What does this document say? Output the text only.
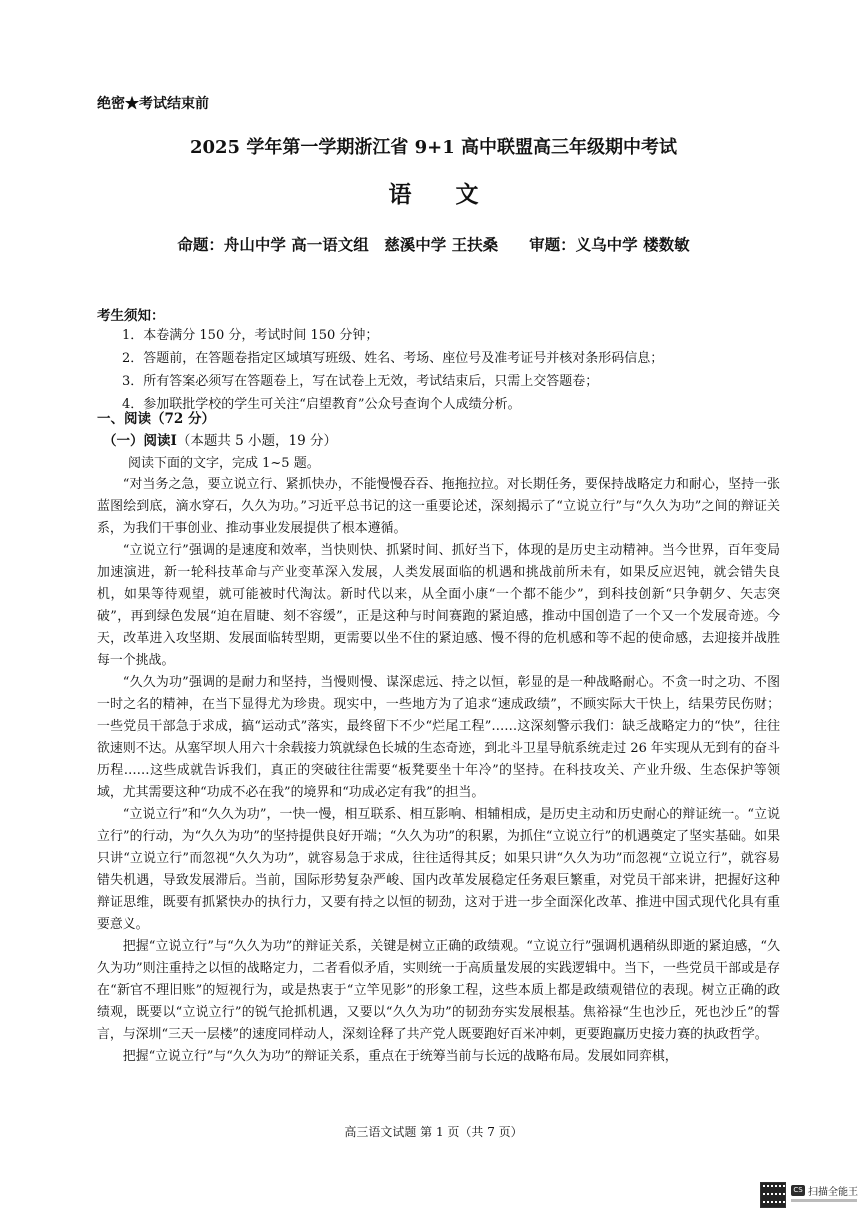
绝密★考试结束前
2025 学年第一学期浙江省 9+1 高中联盟高三年级期中考试
语 文
命题：舟山中学 高一语文组　慈溪中学 王扶桑　　审题：义乌中学 楼数敏
考生须知：
1．本卷满分 150 分，考试时间 150 分钟；
2．答题前，在答题卷指定区域填写班级、姓名、考场、座位号及准考证号并核对条形码信息；
3．所有答案必须写在答题卷上，写在试卷上无效，考试结束后，只需上交答题卷；
4．参加联批学校的学生可关注“启望教育”公众号查询个人成绩分析。
一、阅读（72 分）
（一）阅读Ⅰ（本题共 5 小题，19 分）
阅读下面的文字，完成 1~5 题。

“对当务之急，要立说立行、紧抓快办，不能慢慢吞吞、拖拖拉拉。对长期任务，要保持战略定力和耐心，坚持一张蓝图绘到底，滴水穿石，久久为功。”习近平总书记的这一重要论述，深刻揭示了“立说立行”与“久久为功”之间的辩证关系，为我们干事创业、推动事业发展提供了根本遵循。

“立说立行”强调的是速度和效率，当快则快、抓紧时间、抓好当下，体现的是历史主动精神。当今世界，百年变局加速演进，新一轮科技革命与产业变革深入发展，人类发展面临的机遇和挑战前所未有，如果反应迟钝，就会错失良机，如果等待观望，就可能被时代淘汰。新时代以来，从全面小康“一个都不能少”，到科技创新“只争朝夕、矢志突破”，再到绿色发展“迫在眉睫、刻不容缓”，正是这种与时间赛跑的紧迫感，推动中国创造了一个又一个发展奇迹。今天，改革进入攻坚期、发展面临转型期，更需要以坐不住的紧迫感、慢不得的危机感和等不起的使命感，去迎接并战胜每一个挑战。

“久久为功”强调的是耐力和坚持，当慢则慢、谋深虑远、持之以恒，彰显的是一种战略耐心。不贪一时之功、不图一时之名的精神，在当下显得尤为珍贵。现实中，一些地方为了追求“速成政绩”，不顾实际大干快上，结果劳民伤财；一些党员干部急于求成，搞“运动式”落实，最终留下不少“烂尾工程”……这深刻警示我们：缺乏战略定力的“快”，往往欲速则不达。从塞罕坝人用六十余载接力筑就绿色长城的生态奇迹，到北斗卫星导航系统走过 26 年实现从无到有的奋斗历程……这些成就告诉我们，真正的突破往往需要“板凳要坐十年冷”的坚持。在科技攻关、产业升级、生态保护等领域，尤其需要这种“功成不必在我”的境界和“功成必定有我”的担当。

“立说立行”和“久久为功”，一快一慢，相互联系、相互影响、相辅相成，是历史主动和历史耐心的辩证统一。“立说立行”的行动，为“久久为功”的坚持提供良好开端；“久久为功”的积累，为抓住“立说立行”的机遇奠定了坚实基础。如果只讲“立说立行”而忽视“久久为功”，就容易急于求成，往往适得其反；如果只讲“久久为功”而忽视“立说立行”，就容易错失机遇，导致发展滞后。当前，国际形势复杂严峻、国内改革发展稳定任务艰巨繁重，对党员干部来讲，把握好这种辩证思维，既要有抓紧快办的执行力，又要有持之以恒的韧劲，这对于进一步全面深化改革、推进中国式现代化具有重要意义。

把握“立说立行”与“久久为功”的辩证关系，关键是树立正确的政绩观。“立说立行”强调机遇稍纵即逝的紧迫感，“久久为功”则注重持之以恒的战略定力，二者看似矛盾，实则统一于高质量发展的实践逻辑中。当下，一些党员干部或是存在“新官不理旧账”的短视行为，或是热衷于“立竿见影”的形象工程，这些本质上都是政绩观错位的表现。树立正确的政绩观，既要以“立说立行”的锐气抢抓机遇，又要以“久久为功”的韧劲夯实发展根基。焦裕禄“生也沙丘，死也沙丘”的誓言，与深圳“三天一层楼”的速度同样动人，深刻诠释了共产党人既要跑好百米冲刺，更要跑赢历史接力赛的执政哲学。

把握“立说立行”与“久久为功”的辩证关系，重点在于统筹当前与长远的战略布局。发展如同弈棋，

高三语文试题 第 1 页（共 7 页）
CS 扫描全能王
